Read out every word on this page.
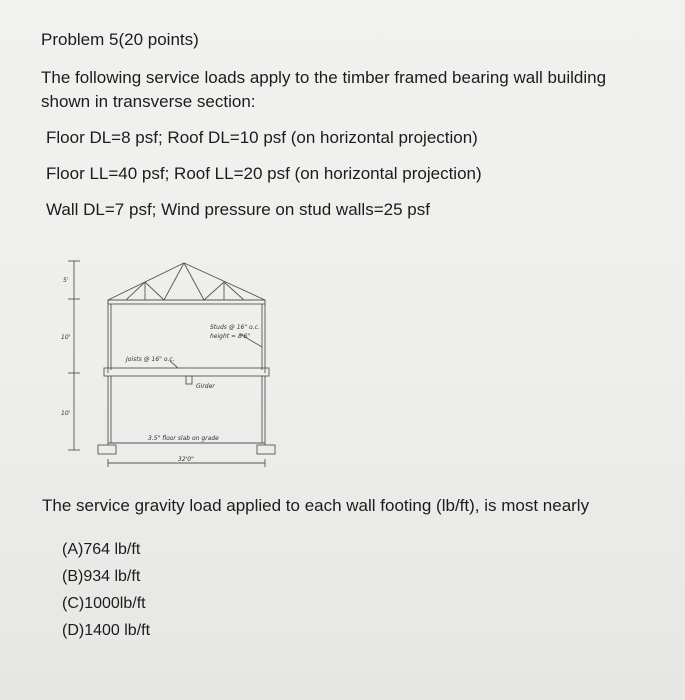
Problem 5(20 points)
The following service loads apply to the timber framed bearing wall building shown in transverse section:
Floor DL=8 psf; Roof DL=10 psf (on horizontal projection)
Floor LL=40 psf; Roof LL=20 psf (on horizontal projection)
Wall DL=7 psf; Wind pressure on stud walls=25 psf
5'
10'
10'
Studs @ 16" o.c.
height = 8'6"
Joists @ 16" o.c.
Girder
3.5" floor slab on grade
32'0"
The service gravity load applied to each wall footing (lb/ft), is most nearly
(A)764 lb/ft
(B)934 lb/ft
(C)1000lb/ft
(D)1400 lb/ft
